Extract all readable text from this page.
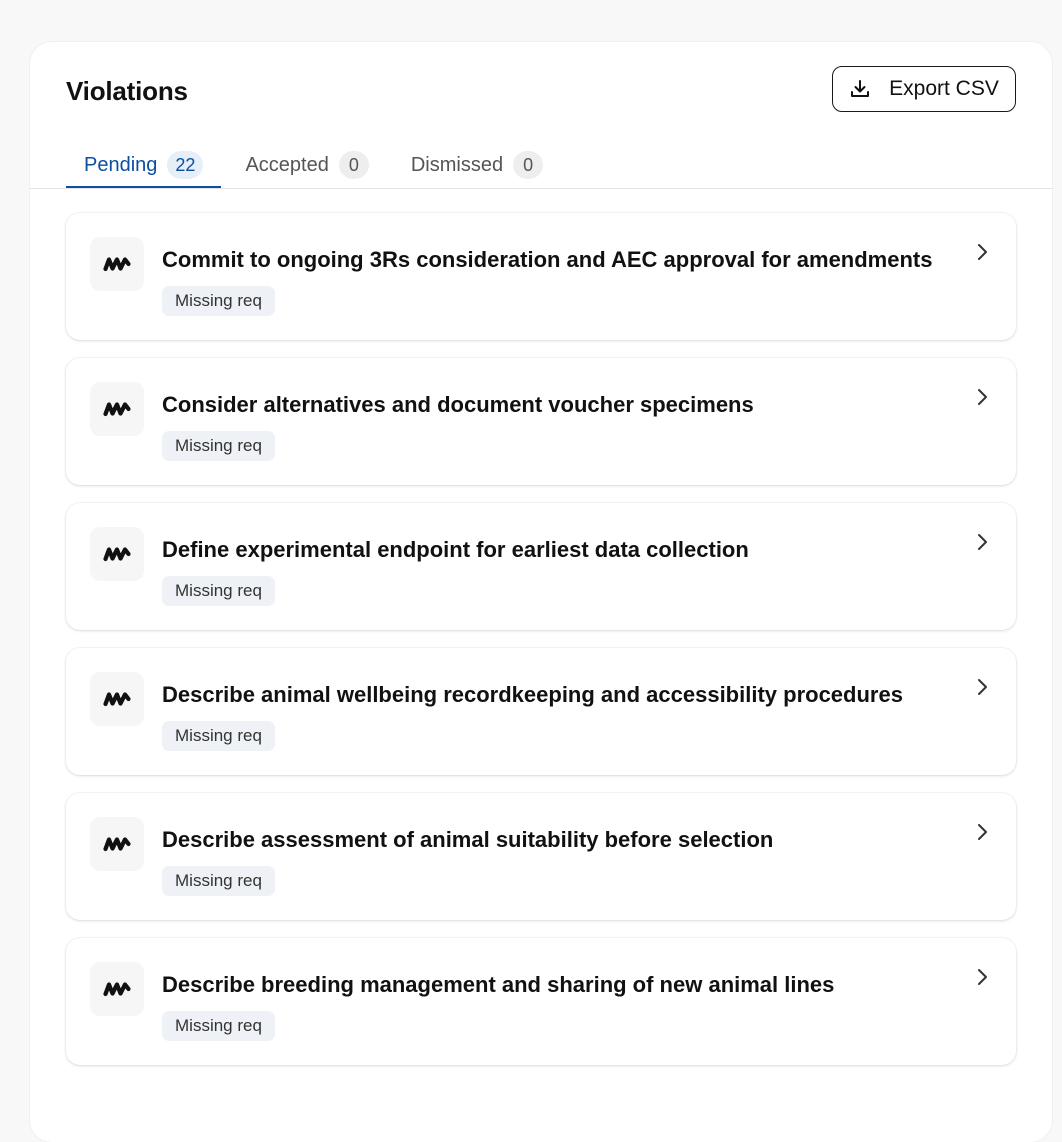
Violations	Export CSV
Pending	22	Accepted	0	Dismissed	0
Commit to ongoing 3Rs consideration and AEC approval for amendments
Missing req
Consider alternatives and document voucher specimens
Missing req
Define experimental endpoint for earliest data collection
Missing req
Describe animal wellbeing recordkeeping and accessibility procedures
Missing req
Describe assessment of animal suitability before selection
Missing req
Describe breeding management and sharing of new animal lines
Missing req
